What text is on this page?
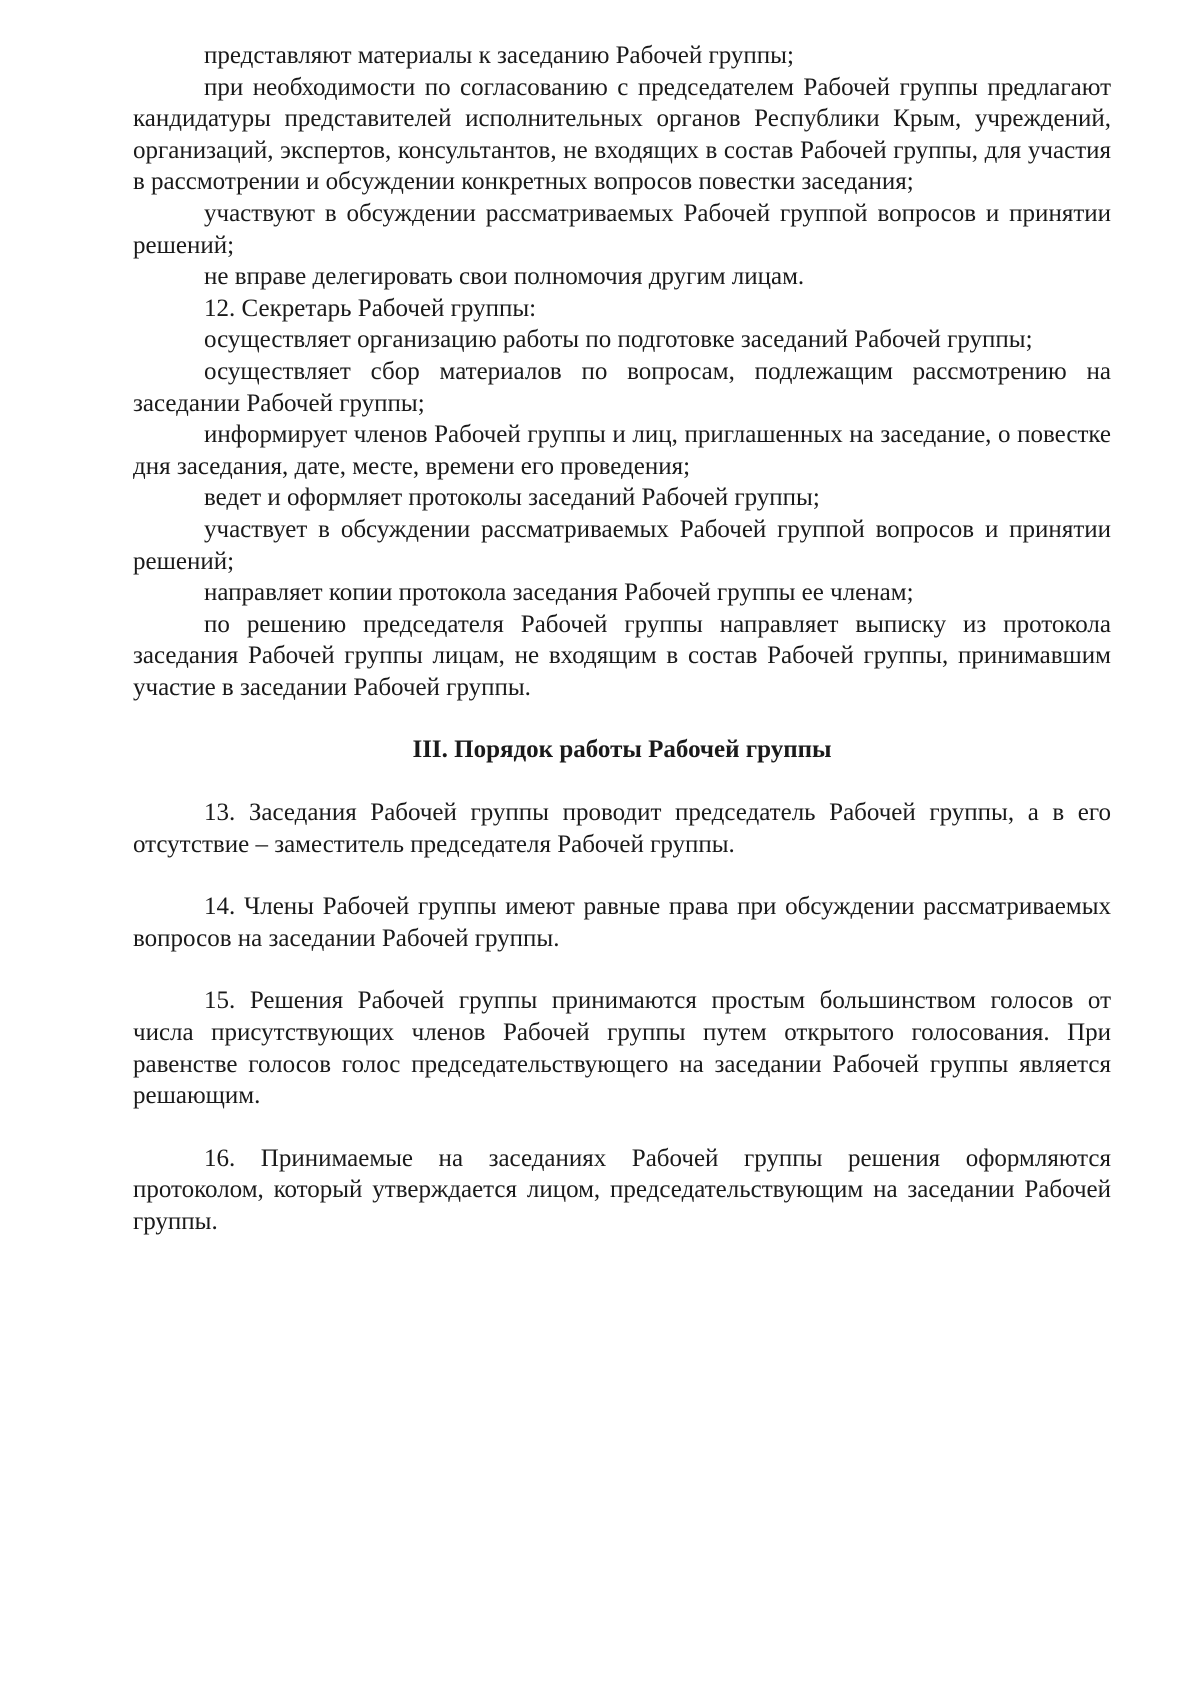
представляют материалы к заседанию Рабочей группы;

при необходимости по согласованию с председателем Рабочей группы предлагают кандидатуры представителей исполнительных органов Республики Крым, учреждений, организаций, экспертов, консультантов, не входящих в состав Рабочей группы, для участия в рассмотрении и обсуждении конкретных вопросов повестки заседания;

участвуют в обсуждении рассматриваемых Рабочей группой вопросов и принятии решений;

не вправе делегировать свои полномочия другим лицам.

12. Секретарь Рабочей группы:

осуществляет организацию работы по подготовке заседаний Рабочей группы;

осуществляет сбор материалов по вопросам, подлежащим рассмотрению на заседании Рабочей группы;

информирует членов Рабочей группы и лиц, приглашенных на заседание, о повестке дня заседания, дате, месте, времени его проведения;

ведет и оформляет протоколы заседаний Рабочей группы;

участвует в обсуждении рассматриваемых Рабочей группой вопросов и принятии решений;

направляет копии протокола заседания Рабочей группы ее членам;

по решению председателя Рабочей группы направляет выписку из протокола заседания Рабочей группы лицам, не входящим в состав Рабочей группы, принимавшим участие в заседании Рабочей группы.

III. Порядок работы Рабочей группы

13. Заседания Рабочей группы проводит председатель Рабочей группы, а в его отсутствие – заместитель председателя Рабочей группы.

14. Члены Рабочей группы имеют равные права при обсуждении рассматриваемых вопросов на заседании Рабочей группы.

15. Решения Рабочей группы принимаются простым большинством голосов от числа присутствующих членов Рабочей группы путем открытого голосования. При равенстве голосов голос председательствующего на заседании Рабочей группы является решающим.

16. Принимаемые на заседаниях Рабочей группы решения оформляются протоколом, который утверждается лицом, председательствующим на заседании Рабочей группы.
